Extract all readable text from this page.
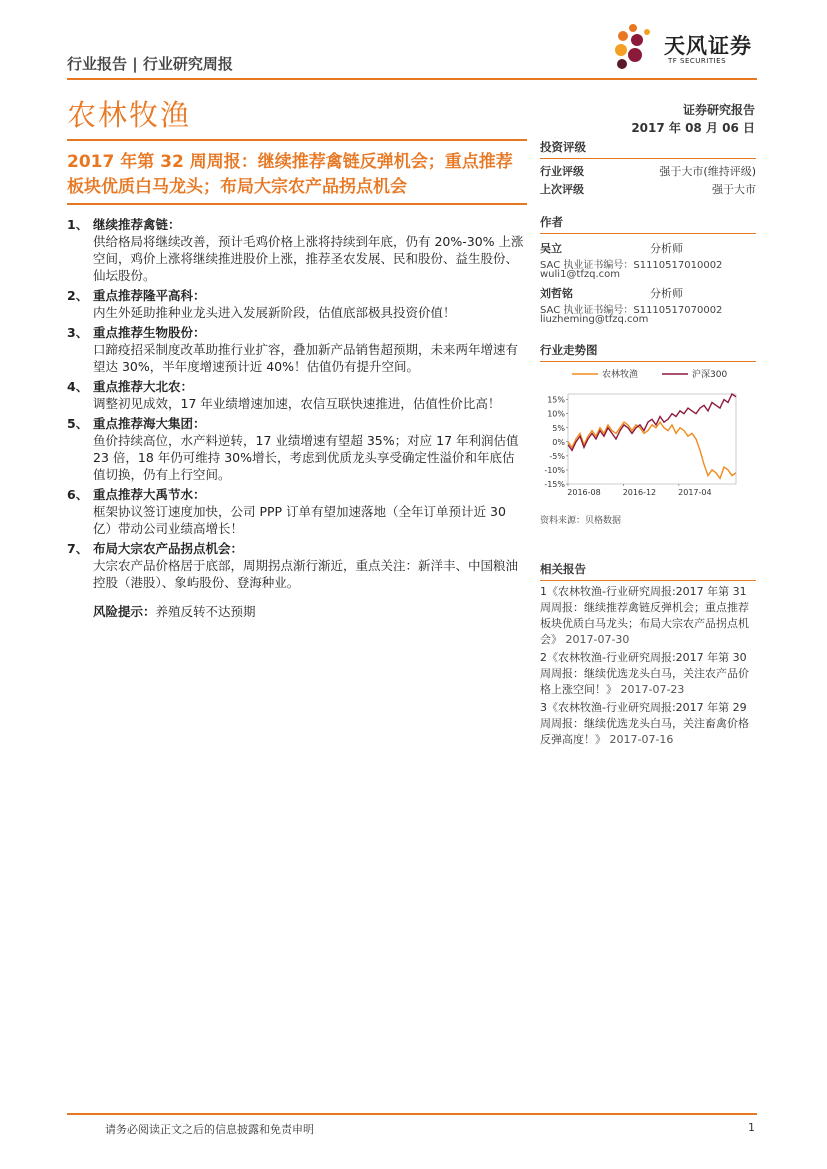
行业报告 | 行业研究周报
天风证券
TF SECURITIES
农林牧渔	证券研究报告
2017 年 08 月 06 日
2017 年第 32 周周报：继续推荐禽链反弹机会；重点推荐板块优质白马龙头；布局大宗农产品拐点机会
投资评级
行业评级	强于大市(维持评级)
上次评级	强于大市
作者
吴立	分析师
SAC 执业证书编号：S1110517010002
wuli1@tfzq.com
刘哲铭	分析师
SAC 执业证书编号：S1110517070002
liuzheming@tfzq.com
行业走势图
15%
10%
5%
0%
-5%
-10%
-15%
2016-08	2016-12	2017-04
农林牧渔	沪深300
资料来源：贝格数据
相关报告
1《农林牧渔-行业研究周报:2017 年第 31 周周报：继续推荐禽链反弹机会；重点推荐板块优质白马龙头；布局大宗农产品拐点机会》 2017-07-30
2《农林牧渔-行业研究周报:2017 年第 30 周周报：继续优选龙头白马，关注农产品价格上涨空间！》 2017-07-23
3《农林牧渔-行业研究周报:2017 年第 29 周周报：继续优选龙头白马，关注畜禽价格反弹高度！》 2017-07-16
1、 继续推荐禽链：
供给格局将继续改善，预计毛鸡价格上涨将持续到年底，仍有 20%-30% 上涨空间，鸡价上涨将继续推进股价上涨，推荐圣农发展、民和股份、益生股份、仙坛股份。
2、 重点推荐隆平高科：
内生外延助推种业龙头进入发展新阶段，估值底部极具投资价值！
3、 重点推荐生物股份：
口蹄疫招采制度改革助推行业扩容，叠加新产品销售超预期，未来两年增速有望达 30%，半年度增速预计近 40%！估值仍有提升空间。
4、 重点推荐大北农：
调整初见成效，17 年业绩增速加速，农信互联快速推进，估值性价比高！
5、 重点推荐海大集团：
鱼价持续高位，水产料逆转，17 业绩增速有望超 35%；对应 17 年利润估值 23 倍，18 年仍可维持 30%增长，考虑到优质龙头享受确定性溢价和年底估值切换，仍有上行空间。
6、 重点推荐大禹节水：
框架协议签订速度加快，公司 PPP 订单有望加速落地（全年订单预计近 30 亿）带动公司业绩高增长！
7、 布局大宗农产品拐点机会：
大宗农产品价格居于底部，周期拐点渐行渐近，重点关注：新洋丰、中国粮油控股（港股）、象屿股份、登海种业。
风险提示：养殖反转不达预期
请务必阅读正文之后的信息披露和免责申明	1
